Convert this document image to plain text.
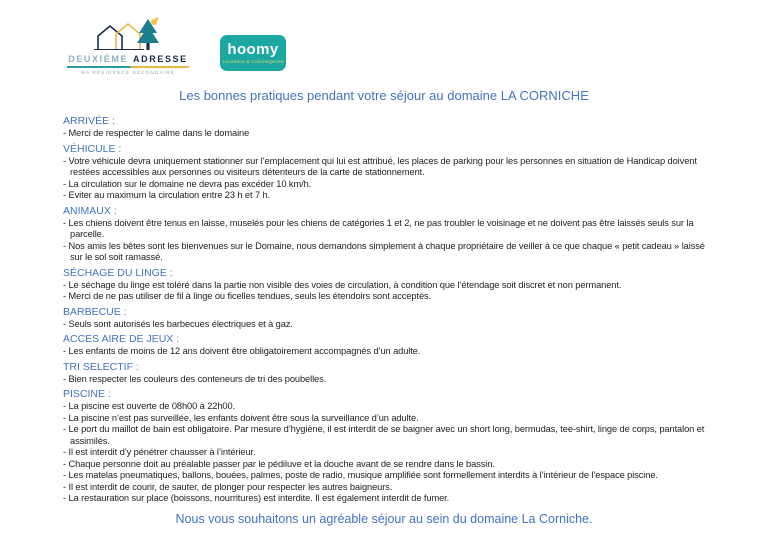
DEUXIÈME ADRESSE
MA RÉSIDENCE SECONDAIRE
hoomy
Locations & Conciergeries
Les bonnes pratiques pendant votre séjour au domaine LA CORNICHE
ARRIVÉE :

- Merci de respecter le calme dans le domaine

VÉHICULE :

- Votre véhicule devra uniquement stationner sur l’emplacement qui lui est attribué, les places de parking pour les personnes en situation de Handicap doivent restées accessibles aux personnes ou visiteurs détenteurs de la carte de stationnement.

- La circulation sur le domaine ne devra pas excéder 10 km/h.

- Eviter au maximum la circulation entre 23 h et 7 h.

ANIMAUX :

- Les chiens doivent être tenus en laisse, muselés pour les chiens de catégories 1 et 2, ne pas troubler le voisinage et ne doivent pas être laissés seuls sur la parcelle.

- Nos amis les bêtes sont les bienvenues sur le Domaine, nous demandons simplement à chaque propriétaire de veiller à ce que chaque « petit cadeau » laissé sur le sol soit ramassé.

SÉCHAGE DU LINGE :

- Le séchage du linge est toléré dans la partie non visible des voies de circulation, à condition que l’étendage soit discret et non permanent.

- Merci de ne pas utiliser de fil à linge ou ficelles tendues, seuls les étendoirs sont acceptés.

BARBECUE :

- Seuls sont autorisés les barbecues électriques et à gaz.

ACCES AIRE DE JEUX :

- Les enfants de moins de 12 ans doivent être obligatoirement accompagnés d’un adulte.

TRI SELECTIF :

- Bien respecter les couleurs des conteneurs de tri des poubelles.

PISCINE :

- La piscine est ouverte de 08h00 à 22h00.

- La piscine n’est pas surveillée, les enfants doivent être sous la surveillance d’un adulte.

- Le port du maillot de bain est obligatoire. Par mesure d’hygiène, il est interdit de se baigner avec un short long, bermudas, tee-shirt, linge de corps, pantalon et assimilés.

- Il est interdit d’y pénétrer chausser à l’intérieur.

- Chaque personne doit au préalable passer par le pédiluve et la douche avant de se rendre dans le bassin.

- Les matelas pneumatiques, ballons, bouées, palmes, poste de radio, musique amplifiée sont formellement interdits à l’intérieur de l’espace piscine.

- Il est interdit de courir, de sauter, de plonger pour respecter les autres baigneurs.

- La restauration sur place (boissons, nourritures) est interdite. Il est également interdit de fumer.

Nous vous souhaitons un agréable séjour au sein du domaine La Corniche.
